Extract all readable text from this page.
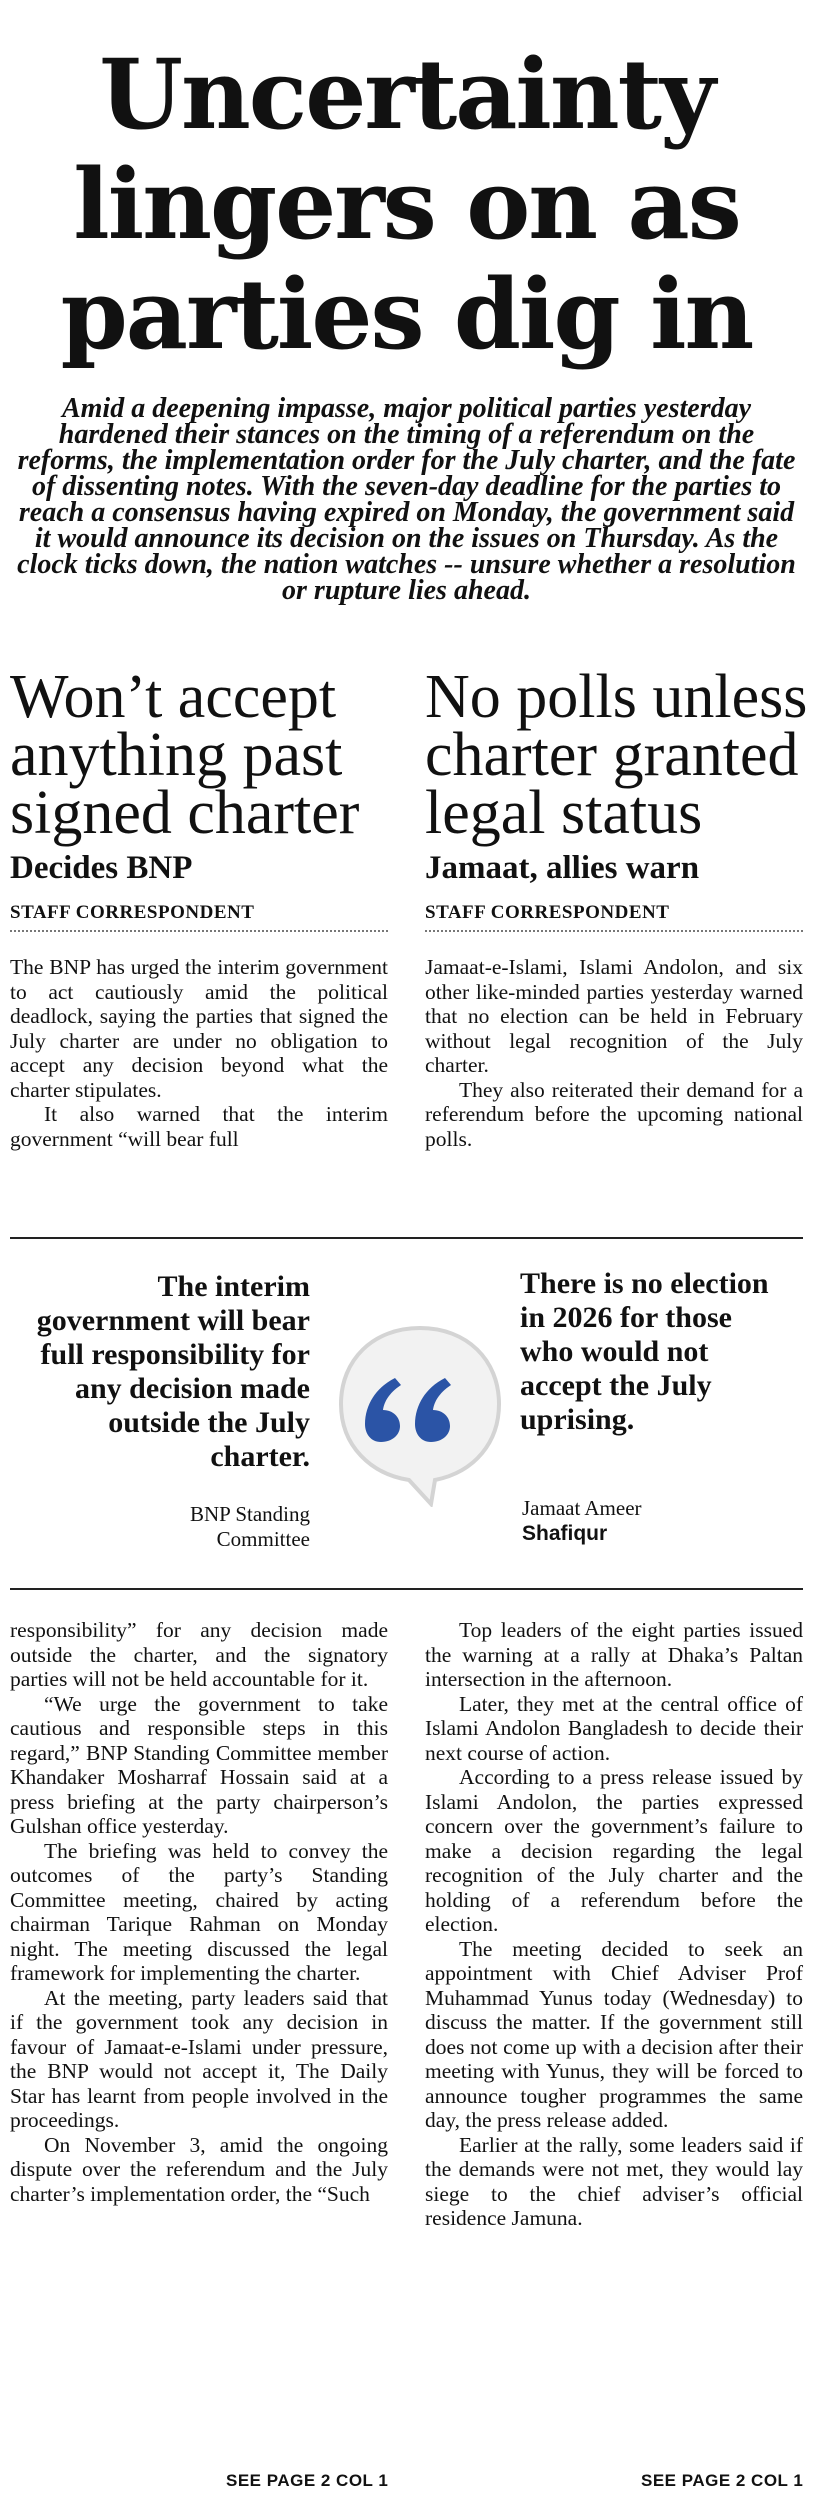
Uncertainty
lingers on as
parties dig in

Amid a deepening impasse, major political parties yesterday hardened their stances on the timing of a referendum on the reforms, the implementation order for the July charter, and the fate of dissenting notes. With the seven-day deadline for the parties to reach a consensus having expired on Monday, the government said it would announce its decision on the issues on Thursday. As the clock ticks down, the nation watches -- unsure whether a resolution or rupture lies ahead.

Won’t accept anything past signed charter
Decides BNP
STAFF CORRESPONDENT
No polls unless charter granted legal status
Jamaat, allies warn
STAFF CORRESPONDENT

The BNP has urged the interim government to act cautiously amid the political deadlock, saying the parties that signed the July charter are under no obligation to accept any decision beyond what the charter stipulates.

It also warned that the interim government “will bear full

Jamaat-e-Islami, Islami Andolon, and six other like-minded parties yesterday warned that no election can be held in February without legal recognition of the July charter.

They also reiterated their demand for a referendum before the upcoming national polls.

The interim government will bear full responsibility for any decision made outside the July charter.
BNP Standing Committee
There is no election in 2026 for those who would not accept the July uprising.
Jamaat Ameer
Shafiqur

responsibility” for any decision made outside the charter, and the signatory parties will not be held accountable for it.

“We urge the government to take cautious and responsible steps in this regard,” BNP Standing Committee member Khandaker Mosharraf Hossain said at a press briefing at the party chairperson’s Gulshan office yesterday.

The briefing was held to convey the outcomes of the party’s Standing Committee meeting, chaired by acting chairman Tarique Rahman on Monday night. The meeting discussed the legal framework for implementing the charter.

At the meeting, party leaders said that if the government took any decision in favour of Jamaat-e-Islami under pressure, the BNP would not accept it, The Daily Star has learnt from people involved in the proceedings.

On November 3, amid the ongoing dispute over the referendum and the July charter’s implementation order, the “Such

Top leaders of the eight parties issued the warning at a rally at Dhaka’s Paltan intersection in the afternoon.

Later, they met at the central office of Islami Andolon Bangladesh to decide their next course of action.

According to a press release issued by Islami Andolon, the parties expressed concern over the government’s failure to make a decision regarding the legal recognition of the July charter and the holding of a referendum before the election.

The meeting decided to seek an appointment with Chief Adviser Prof Muhammad Yunus today (Wednesday) to discuss the matter. If the government still does not come up with a decision after their meeting with Yunus, they will be forced to announce tougher programmes the same day, the press release added.

Earlier at the rally, some leaders said if the demands were not met, they would lay siege to the chief adviser’s official residence Jamuna.

SEE PAGE 2 COL 1	SEE PAGE 2 COL 1
